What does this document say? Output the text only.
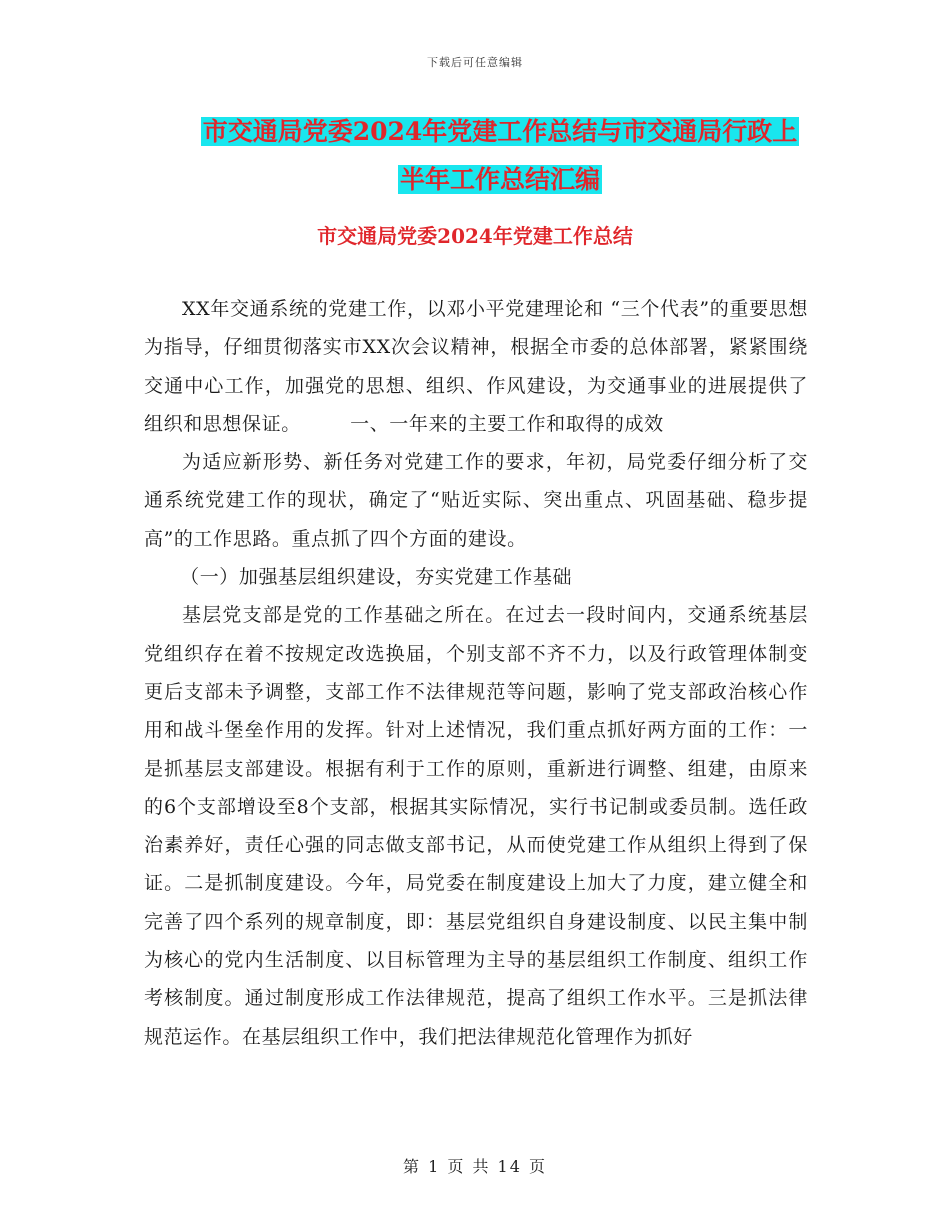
下载后可任意编辑
市交通局党委2024年党建工作总结与市交通局行政上
半年工作总结汇编
市交通局党委2024年党建工作总结

XX年交通系统的党建工作，以邓小平党建理论和 “三个代表”的重要思想为指导，仔细贯彻落实市XX次会议精神，根据全市委的总体部署，紧紧围绕交通中心工作，加强党的思想、组织、作风建设，为交通事业的进展提供了组织和思想保证。　　　一、一年来的主要工作和取得的成效

为适应新形势、新任务对党建工作的要求，年初，局党委仔细分析了交通系统党建工作的现状，确定了“贴近实际、突出重点、巩固基础、稳步提高”的工作思路。重点抓了四个方面的建设。

（一）加强基层组织建设，夯实党建工作基础

基层党支部是党的工作基础之所在。在过去一段时间内，交通系统基层党组织存在着不按规定改选换届，个别支部不齐不力，以及行政管理体制变更后支部未予调整，支部工作不法律规范等问题，影响了党支部政治核心作用和战斗堡垒作用的发挥。针对上述情况，我们重点抓好两方面的工作：一是抓基层支部建设。根据有利于工作的原则，重新进行调整、组建，由原来的6个支部增设至8个支部，根据其实际情况，实行书记制或委员制。选任政治素养好，责任心强的同志做支部书记，从而使党建工作从组织上得到了保证。二是抓制度建设。今年，局党委在制度建设上加大了力度，建立健全和完善了四个系列的规章制度，即：基层党组织自身建设制度、以民主集中制为核心的党内生活制度、以目标管理为主导的基层组织工作制度、组织工作考核制度。通过制度形成工作法律规范，提高了组织工作水平。三是抓法律规范运作。在基层组织工作中，我们把法律规范化管理作为抓好

第 1 页 共 14 页
